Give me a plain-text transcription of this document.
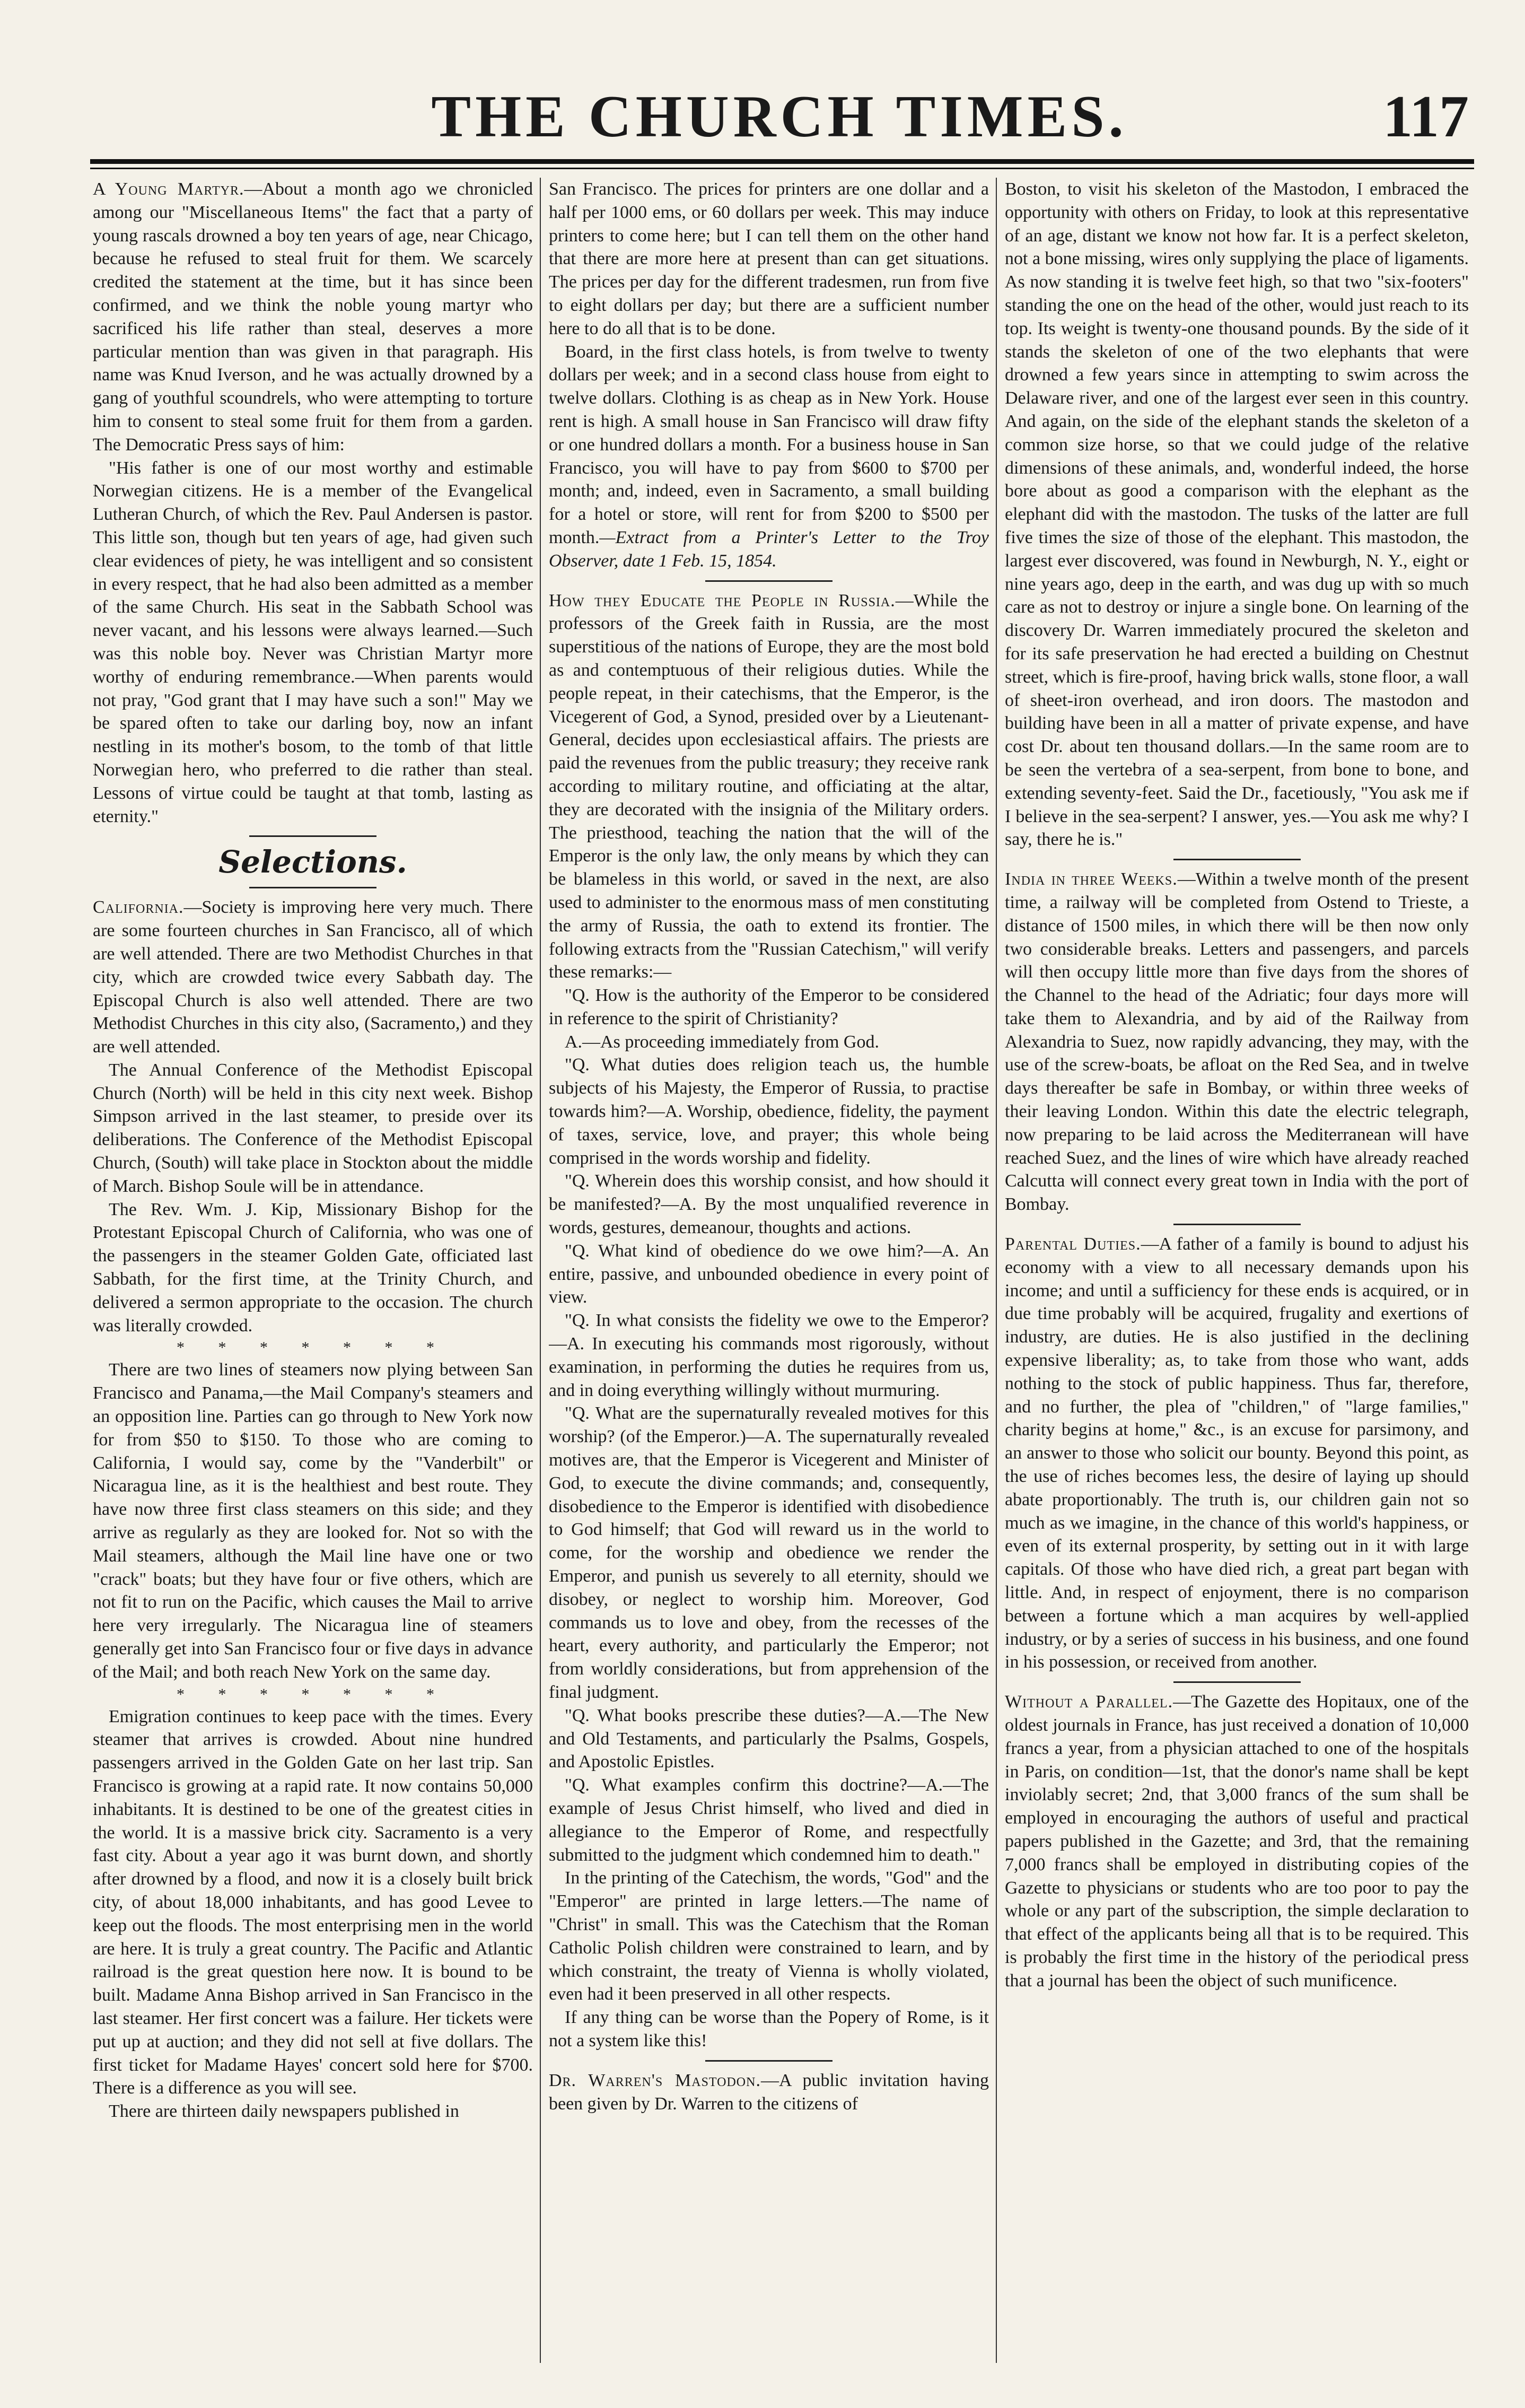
THE CHURCH TIMES.	117

A Young Martyr.—About a month ago we chronicled among our "Miscellaneous Items" the fact that a party of young rascals drowned a boy ten years of age, near Chicago, because he refused to steal fruit for them. We scarcely credited the statement at the time, but it has since been confirmed, and we think the noble young martyr who sacrificed his life rather than steal, deserves a more particular mention than was given in that paragraph. His name was Knud Iverson, and he was actually drowned by a gang of youthful scoundrels, who were attempting to torture him to consent to steal some fruit for them from a garden. The Democratic Press says of him:

"His father is one of our most worthy and estimable Norwegian citizens. He is a member of the Evangelical Lutheran Church, of which the Rev. Paul Andersen is pastor. This little son, though but ten years of age, had given such clear evidences of piety, he was intelligent and so consistent in every respect, that he had also been admitted as a member of the same Church. His seat in the Sabbath School was never vacant, and his lessons were always learned.—Such was this noble boy. Never was Christian Martyr more worthy of enduring remembrance.—When parents would not pray, "God grant that I may have such a son!" May we be spared often to take our darling boy, now an infant nestling in its mother's bosom, to the tomb of that little Norwegian hero, who preferred to die rather than steal. Lessons of virtue could be taught at that tomb, lasting as eternity."

Selections.

California.—Society is improving here very much. There are some fourteen churches in San Francisco, all of which are well attended. There are two Methodist Churches in that city, which are crowded twice every Sabbath day. The Episcopal Church is also well attended. There are two Methodist Churches in this city also, (Sacramento,) and they are well attended.

The Annual Conference of the Methodist Episcopal Church (North) will be held in this city next week. Bishop Simpson arrived in the last steamer, to preside over its deliberations. The Conference of the Methodist Episcopal Church, (South) will take place in Stockton about the middle of March. Bishop Soule will be in attendance.

The Rev. Wm. J. Kip, Missionary Bishop for the Protestant Episcopal Church of California, who was one of the passengers in the steamer Golden Gate, officiated last Sabbath, for the first time, at the Trinity Church, and delivered a sermon appropriate to the occasion. The church was literally crowded.

* * * * * * *

There are two lines of steamers now plying between San Francisco and Panama,—the Mail Company's steamers and an opposition line. Parties can go through to New York now for from $50 to $150. To those who are coming to California, I would say, come by the "Vanderbilt" or Nicaragua line, as it is the healthiest and best route. They have now three first class steamers on this side; and they arrive as regularly as they are looked for. Not so with the Mail steamers, although the Mail line have one or two "crack" boats; but they have four or five others, which are not fit to run on the Pacific, which causes the Mail to arrive here very irregularly. The Nicaragua line of steamers generally get into San Francisco four or five days in advance of the Mail; and both reach New York on the same day.

* * * * * * *

Emigration continues to keep pace with the times. Every steamer that arrives is crowded. About nine hundred passengers arrived in the Golden Gate on her last trip. San Francisco is growing at a rapid rate. It now contains 50,000 inhabitants. It is destined to be one of the greatest cities in the world. It is a massive brick city. Sacramento is a very fast city. About a year ago it was burnt down, and shortly after drowned by a flood, and now it is a closely built brick city, of about 18,000 inhabitants, and has good Levee to keep out the floods. The most enterprising men in the world are here. It is truly a great country. The Pacific and Atlantic railroad is the great question here now. It is bound to be built. Madame Anna Bishop arrived in San Francisco in the last steamer. Her first concert was a failure. Her tickets were put up at auction; and they did not sell at five dollars. The first ticket for Madame Hayes' concert sold here for $700. There is a difference as you will see.

There are thirteen daily newspapers published in

San Francisco. The prices for printers are one dollar and a half per 1000 ems, or 60 dollars per week. This may induce printers to come here; but I can tell them on the other hand that there are more here at present than can get situations. The prices per day for the different tradesmen, run from five to eight dollars per day; but there are a sufficient number here to do all that is to be done.

Board, in the first class hotels, is from twelve to twenty dollars per week; and in a second class house from eight to twelve dollars. Clothing is as cheap as in New York. House rent is high. A small house in San Francisco will draw fifty or one hundred dollars a month. For a business house in San Francisco, you will have to pay from $600 to $700 per month; and, indeed, even in Sacramento, a small building for a hotel or store, will rent for from $200 to $500 per month.—Extract from a Printer's Letter to the Troy Observer, date 1 Feb. 15, 1854.

How they Educate the People in Russia.—While the professors of the Greek faith in Russia, are the most superstitious of the nations of Europe, they are the most bold as and contemptuous of their religious duties. While the people repeat, in their catechisms, that the Emperor, is the Vicegerent of God, a Synod, presided over by a Lieutenant-General, decides upon ecclesiastical affairs. The priests are paid the revenues from the public treasury; they receive rank according to military routine, and officiating at the altar, they are decorated with the insignia of the Military orders. The priesthood, teaching the nation that the will of the Emperor is the only law, the only means by which they can be blameless in this world, or saved in the next, are also used to administer to the enormous mass of men constituting the army of Russia, the oath to extend its frontier. The following extracts from the "Russian Catechism," will verify these remarks:—

"Q. How is the authority of the Emperor to be considered in reference to the spirit of Christianity?

A.—As proceeding immediately from God.

"Q. What duties does religion teach us, the humble subjects of his Majesty, the Emperor of Russia, to practise towards him?—A. Worship, obedience, fidelity, the payment of taxes, service, love, and prayer; this whole being comprised in the words worship and fidelity.

"Q. Wherein does this worship consist, and how should it be manifested?—A. By the most unqualified reverence in words, gestures, demeanour, thoughts and actions.

"Q. What kind of obedience do we owe him?—A. An entire, passive, and unbounded obedience in every point of view.

"Q. In what consists the fidelity we owe to the Emperor?—A. In executing his commands most rigorously, without examination, in performing the duties he requires from us, and in doing everything willingly without murmuring.

"Q. What are the supernaturally revealed motives for this worship? (of the Emperor.)—A. The supernaturally revealed motives are, that the Emperor is Vicegerent and Minister of God, to execute the divine commands; and, consequently, disobedience to the Emperor is identified with disobedience to God himself; that God will reward us in the world to come, for the worship and obedience we render the Emperor, and punish us severely to all eternity, should we disobey, or neglect to worship him. Moreover, God commands us to love and obey, from the recesses of the heart, every authority, and particularly the Emperor; not from worldly considerations, but from apprehension of the final judgment.

"Q. What books prescribe these duties?—A.—The New and Old Testaments, and particularly the Psalms, Gospels, and Apostolic Epistles.

"Q. What examples confirm this doctrine?—A.—The example of Jesus Christ himself, who lived and died in allegiance to the Emperor of Rome, and respectfully submitted to the judgment which condemned him to death."

In the printing of the Catechism, the words, "God" and the "Emperor" are printed in large letters.—The name of "Christ" in small. This was the Catechism that the Roman Catholic Polish children were constrained to learn, and by which constraint, the treaty of Vienna is wholly violated, even had it been preserved in all other respects.

If any thing can be worse than the Popery of Rome, is it not a system like this!

Dr. Warren's Mastodon.—A public invitation having been given by Dr. Warren to the citizens of

Boston, to visit his skeleton of the Mastodon, I embraced the opportunity with others on Friday, to look at this representative of an age, distant we know not how far. It is a perfect skeleton, not a bone missing, wires only supplying the place of ligaments. As now standing it is twelve feet high, so that two "six-footers" standing the one on the head of the other, would just reach to its top. Its weight is twenty-one thousand pounds. By the side of it stands the skeleton of one of the two elephants that were drowned a few years since in attempting to swim across the Delaware river, and one of the largest ever seen in this country. And again, on the side of the elephant stands the skeleton of a common size horse, so that we could judge of the relative dimensions of these animals, and, wonderful indeed, the horse bore about as good a comparison with the elephant as the elephant did with the mastodon. The tusks of the latter are full five times the size of those of the elephant. This mastodon, the largest ever discovered, was found in Newburgh, N. Y., eight or nine years ago, deep in the earth, and was dug up with so much care as not to destroy or injure a single bone. On learning of the discovery Dr. Warren immediately procured the skeleton and for its safe preservation he had erected a building on Chestnut street, which is fire-proof, having brick walls, stone floor, a wall of sheet-iron overhead, and iron doors. The mastodon and building have been in all a matter of private expense, and have cost Dr. about ten thousand dollars.—In the same room are to be seen the vertebra of a sea-serpent, from bone to bone, and extending seventy-feet. Said the Dr., facetiously, "You ask me if I believe in the sea-serpent? I answer, yes.—You ask me why? I say, there he is."

India in three Weeks.—Within a twelve month of the present time, a railway will be completed from Ostend to Trieste, a distance of 1500 miles, in which there will be then now only two considerable breaks. Letters and passengers, and parcels will then occupy little more than five days from the shores of the Channel to the head of the Adriatic; four days more will take them to Alexandria, and by aid of the Railway from Alexandria to Suez, now rapidly advancing, they may, with the use of the screw-boats, be afloat on the Red Sea, and in twelve days thereafter be safe in Bombay, or within three weeks of their leaving London. Within this date the electric telegraph, now preparing to be laid across the Mediterranean will have reached Suez, and the lines of wire which have already reached Calcutta will connect every great town in India with the port of Bombay.

Parental Duties.—A father of a family is bound to adjust his economy with a view to all necessary demands upon his income; and until a sufficiency for these ends is acquired, or in due time probably will be acquired, frugality and exertions of industry, are duties. He is also justified in the declining expensive liberality; as, to take from those who want, adds nothing to the stock of public happiness. Thus far, therefore, and no further, the plea of "children," of "large families," charity begins at home," &c., is an excuse for parsimony, and an answer to those who solicit our bounty. Beyond this point, as the use of riches becomes less, the desire of laying up should abate proportionably. The truth is, our children gain not so much as we imagine, in the chance of this world's happiness, or even of its external prosperity, by setting out in it with large capitals. Of those who have died rich, a great part began with little. And, in respect of enjoyment, there is no comparison between a fortune which a man acquires by well-applied industry, or by a series of success in his business, and one found in his possession, or received from another.

Without a Parallel.—The Gazette des Hopitaux, one of the oldest journals in France, has just received a donation of 10,000 francs a year, from a physician attached to one of the hospitals in Paris, on condition—1st, that the donor's name shall be kept inviolably secret; 2nd, that 3,000 francs of the sum shall be employed in encouraging the authors of useful and practical papers published in the Gazette; and 3rd, that the remaining 7,000 francs shall be employed in distributing copies of the Gazette to physicians or students who are too poor to pay the whole or any part of the subscription, the simple declaration to that effect of the applicants being all that is to be required. This is probably the first time in the history of the periodical press that a journal has been the object of such munificence.
